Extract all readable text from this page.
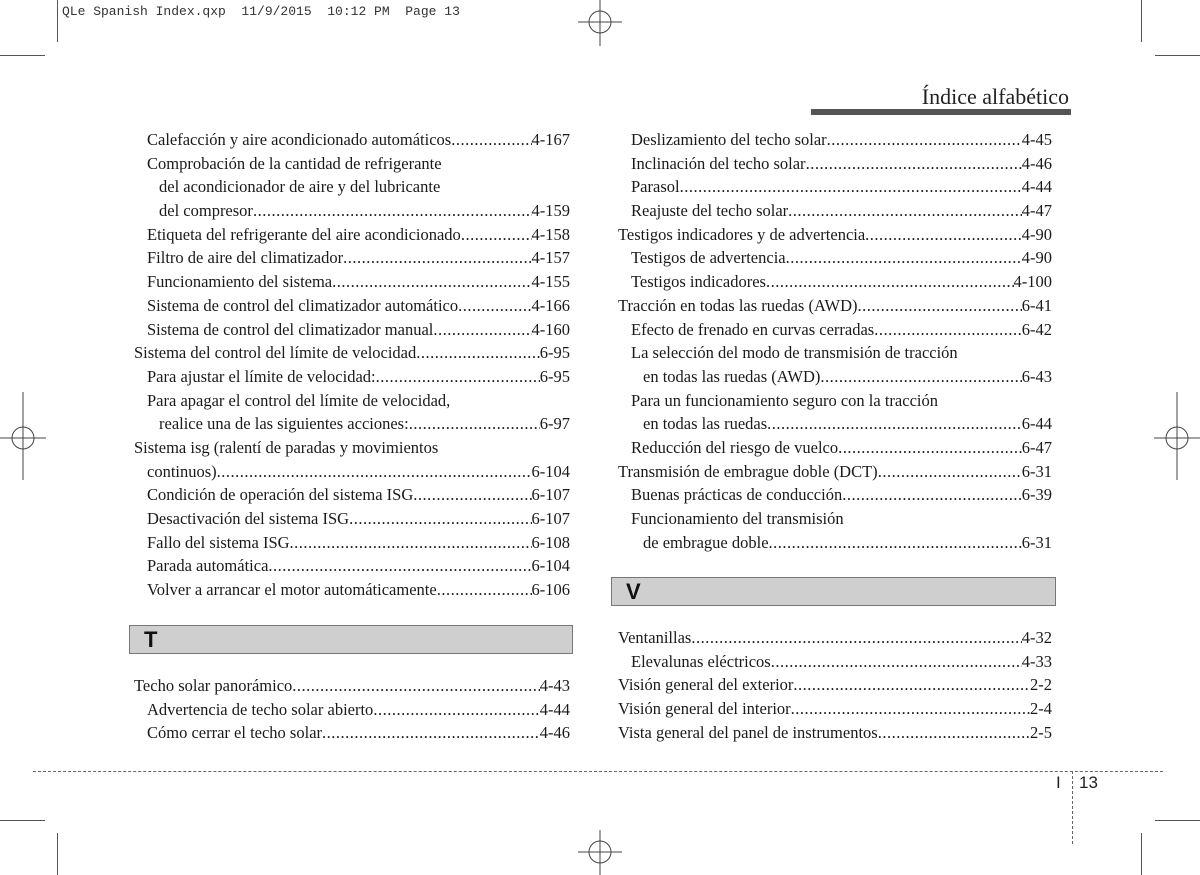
QLe Spanish Index.qxp  11/9/2015  10:12 PM  Page 13
Índice alfabético
Calefacción y aire acondicionado automáticos .....	4-167
Comprobación de la cantidad de refrigerante
del acondicionador de aire y del lubricante
del compresor .....	4-159
Etiqueta del refrigerante del aire acondicionado .....	4-158
Filtro de aire del climatizador .....	4-157
Funcionamiento del sistema .....	4-155
Sistema de control del climatizador automático .....	4-166
Sistema de control del climatizador manual .....	4-160
Sistema del control del límite de velocidad .....	6-95
Para ajustar el límite de velocidad: .....	6-95
Para apagar el control del límite de velocidad,
realice una de las siguientes acciones: .....	6-97
Sistema isg (ralentí de paradas y movimientos
continuos) .....	6-104
Condición de operación del sistema ISG .....	6-107
Desactivación del sistema ISG .....	6-107
Fallo del sistema ISG .....	6-108
Parada automática .....	6-104
Volver a arrancar el motor automáticamente .....	6-106
T
Techo solar panorámico .....	4-43
Advertencia de techo solar abierto .....	4-44
Cómo cerrar el techo solar .....	4-46
Deslizamiento del techo solar .....	4-45
Inclinación del techo solar .....	4-46
Parasol .....	4-44
Reajuste del techo solar .....	4-47
Testigos indicadores y de advertencia .....	4-90
Testigos de advertencia .....	4-90
Testigos indicadores .....	4-100
Tracción en todas las ruedas (AWD) .....	6-41
Efecto de frenado en curvas cerradas .....	6-42
La selección del modo de transmisión de tracción
en todas las ruedas (AWD) .....	6-43
Para un funcionamiento seguro con la tracción
en todas las ruedas .....	6-44
Reducción del riesgo de vuelco .....	6-47
Transmisión de embrague doble (DCT) .....	6-31
Buenas prácticas de conducción .....	6-39
Funcionamiento del transmisión
de embrague doble .....	6-31
V
Ventanillas .....	4-32
Elevalunas eléctricos .....	4-33
Visión general del exterior .....	2-2
Visión general del interior .....	2-4
Vista general del panel de instrumentos .....	2-5
I 13
